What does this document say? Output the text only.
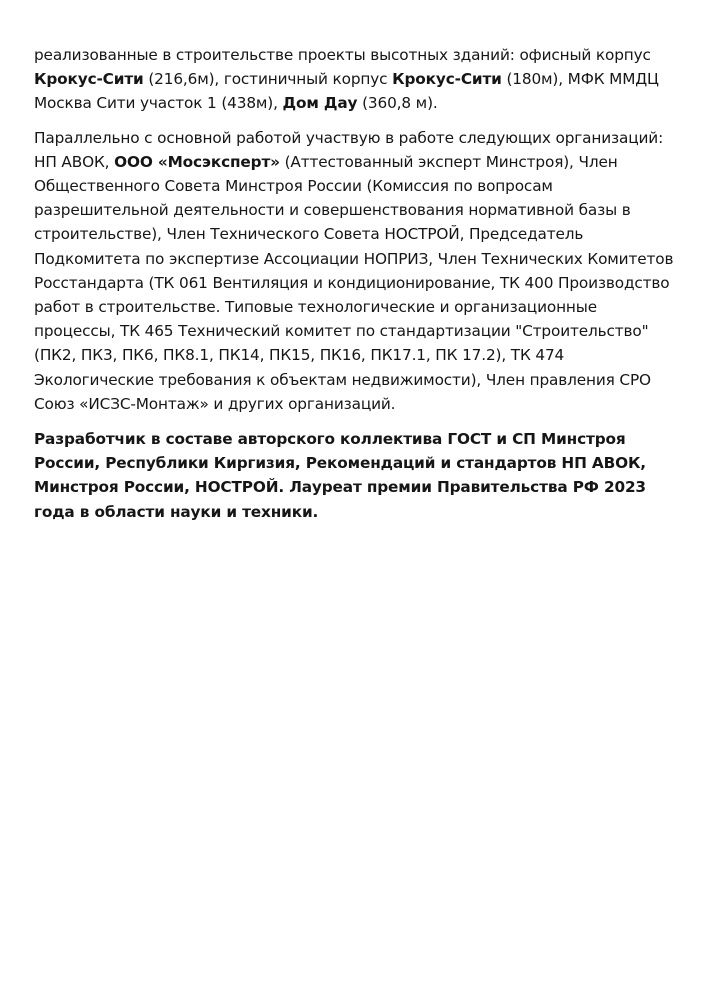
реализованные в строительстве проекты высотных зданий: офисный корпус Крокус-Сити (216,6м), гостиничный корпус Крокус-Сити (180м), МФК ММДЦ Москва Сити участок 1 (438м), Дом Дау (360,8 м).

Параллельно с основной работой участвую в работе следующих организаций: НП АВОК, ООО «Мосэксперт» (Аттестованный эксперт Минстроя), Член Общественного Совета Минстроя России (Комиссия по вопросам разрешительной деятельности и совершенствования нормативной базы в строительстве), Член Технического Совета НОСТРОЙ, Председатель Подкомитета по экспертизе Ассоциации НОПРИЗ, Член Технических Комитетов Росстандарта (ТК 061 Вентиляция и кондиционирование, ТК 400 Производство работ в строительстве. Типовые технологические и организационные процессы, ТК 465 Технический комитет по стандартизации "Строительство" (ПК2, ПК3, ПК6, ПК8.1, ПК14, ПК15, ПК16, ПК17.1, ПК 17.2), ТК 474 Экологические требования к объектам недвижимости), Член правления СРО Союз «ИСЗС-Монтаж» и других организаций.

Разработчик в составе авторского коллектива ГОСТ и СП Минстроя России, Республики Киргизия, Рекомендаций и стандартов НП АВОК, Минстроя России, НОСТРОЙ. Лауреат премии Правительства РФ 2023 года в области науки и техники.
